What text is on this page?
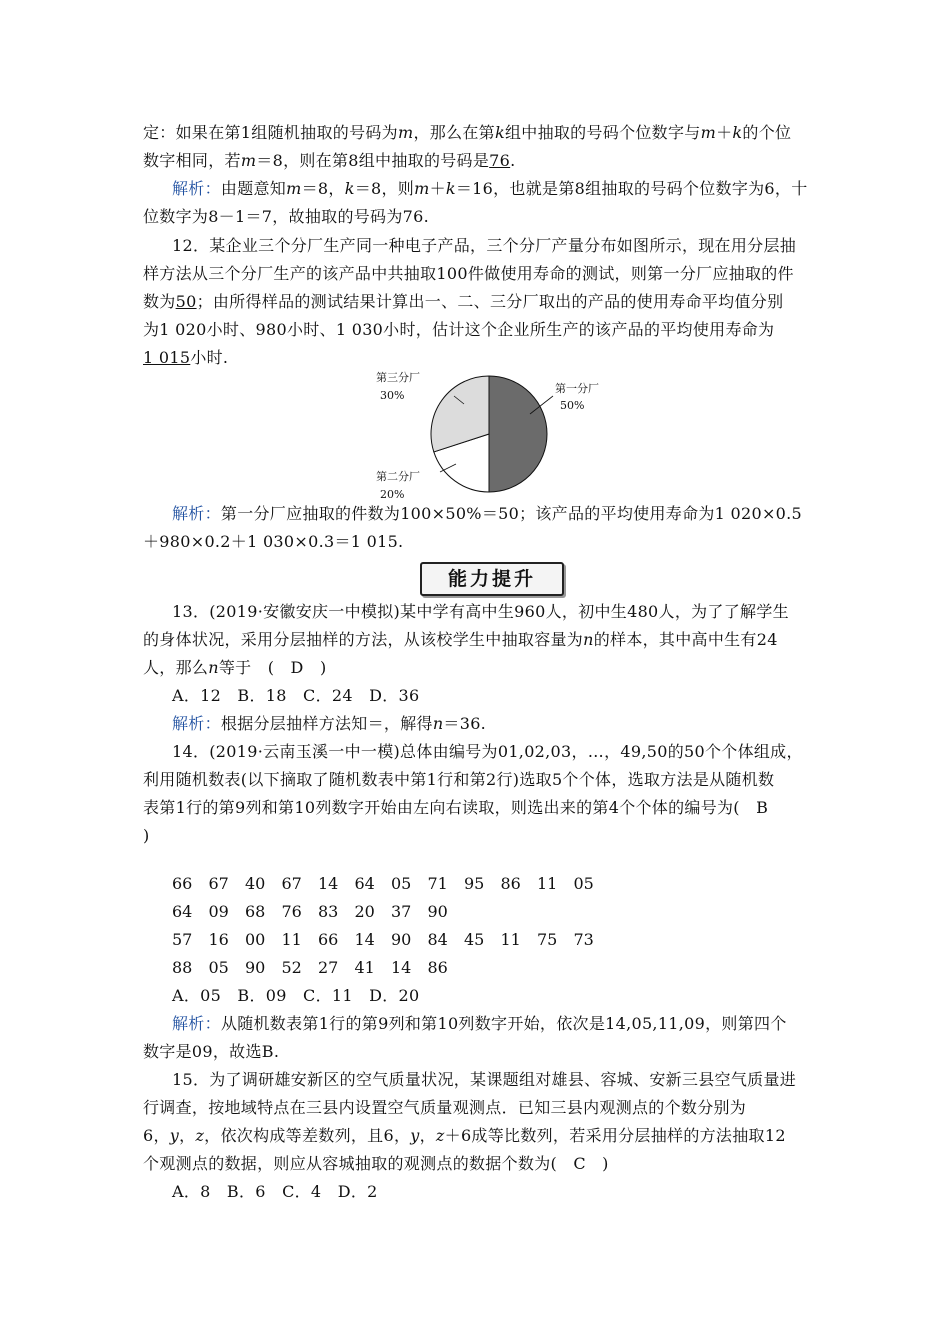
定：如果在第1组随机抽取的号码为m，那么在第k组中抽取的号码个位数字与m＋k的个位
数字相同，若m＝8，则在第8组中抽取的号码是76.
解析：由题意知m＝8，k＝8，则m＋k＝16，也就是第8组抽取的号码个位数字为6，十
位数字为8－1＝7，故抽取的号码为76.
12．某企业三个分厂生产同一种电子产品，三个分厂产量分布如图所示，现在用分层抽
样方法从三个分厂生产的该产品中共抽取100件做使用寿命的测试，则第一分厂应抽取的件
数为50；由所得样品的测试结果计算出一、二、三分厂取出的产品的使用寿命平均值分别
为1 020小时、980小时、1 030小时，估计这个企业所生产的该产品的平均使用寿命为
1 015小时.
第三分厂
30%
第一分厂
50%
第二分厂
20%
解析：第一分厂应抽取的件数为100×50%＝50；该产品的平均使用寿命为1 020×0.5
＋980×0.2＋1 030×0.3＝1 015.
能力提升
13．(2019·安徽安庆一中模拟)某中学有高中生960人，初中生480人，为了了解学生
的身体状况，采用分层抽样的方法，从该校学生中抽取容量为n的样本，其中高中生有24
人，那么n等于　(　D　)
A．12　B．18　C．24　D．36
解析：根据分层抽样方法知＝，解得n＝36.
14．(2019·云南玉溪一中一模)总体由编号为01,02,03，…，49,50的50个个体组成，
利用随机数表(以下摘取了随机数表中第1行和第2行)选取5个个体，选取方法是从随机数
表第1行的第9列和第10列数字开始由左向右读取，则选出来的第4个个体的编号为(　B
)
66 67 40 67 14 64 05 71 95 86 11 05
64 09 68 76 83 20 37 90
57 16 00 11 66 14 90 84 45 11 75 73
88 05 90 52 27 41 14 86
A．05　B．09　C．11　D．20
解析：从随机数表第1行的第9列和第10列数字开始，依次是14,05,11,09，则第四个
数字是09，故选B.
15．为了调研雄安新区的空气质量状况，某课题组对雄县、容城、安新三县空气质量进
行调查，按地域特点在三县内设置空气质量观测点．已知三县内观测点的个数分别为
6，y，z，依次构成等差数列，且6，y，z＋6成等比数列，若采用分层抽样的方法抽取12
个观测点的数据，则应从容城抽取的观测点的数据个数为(　C　)
A．8　B．6　C．4　D．2
